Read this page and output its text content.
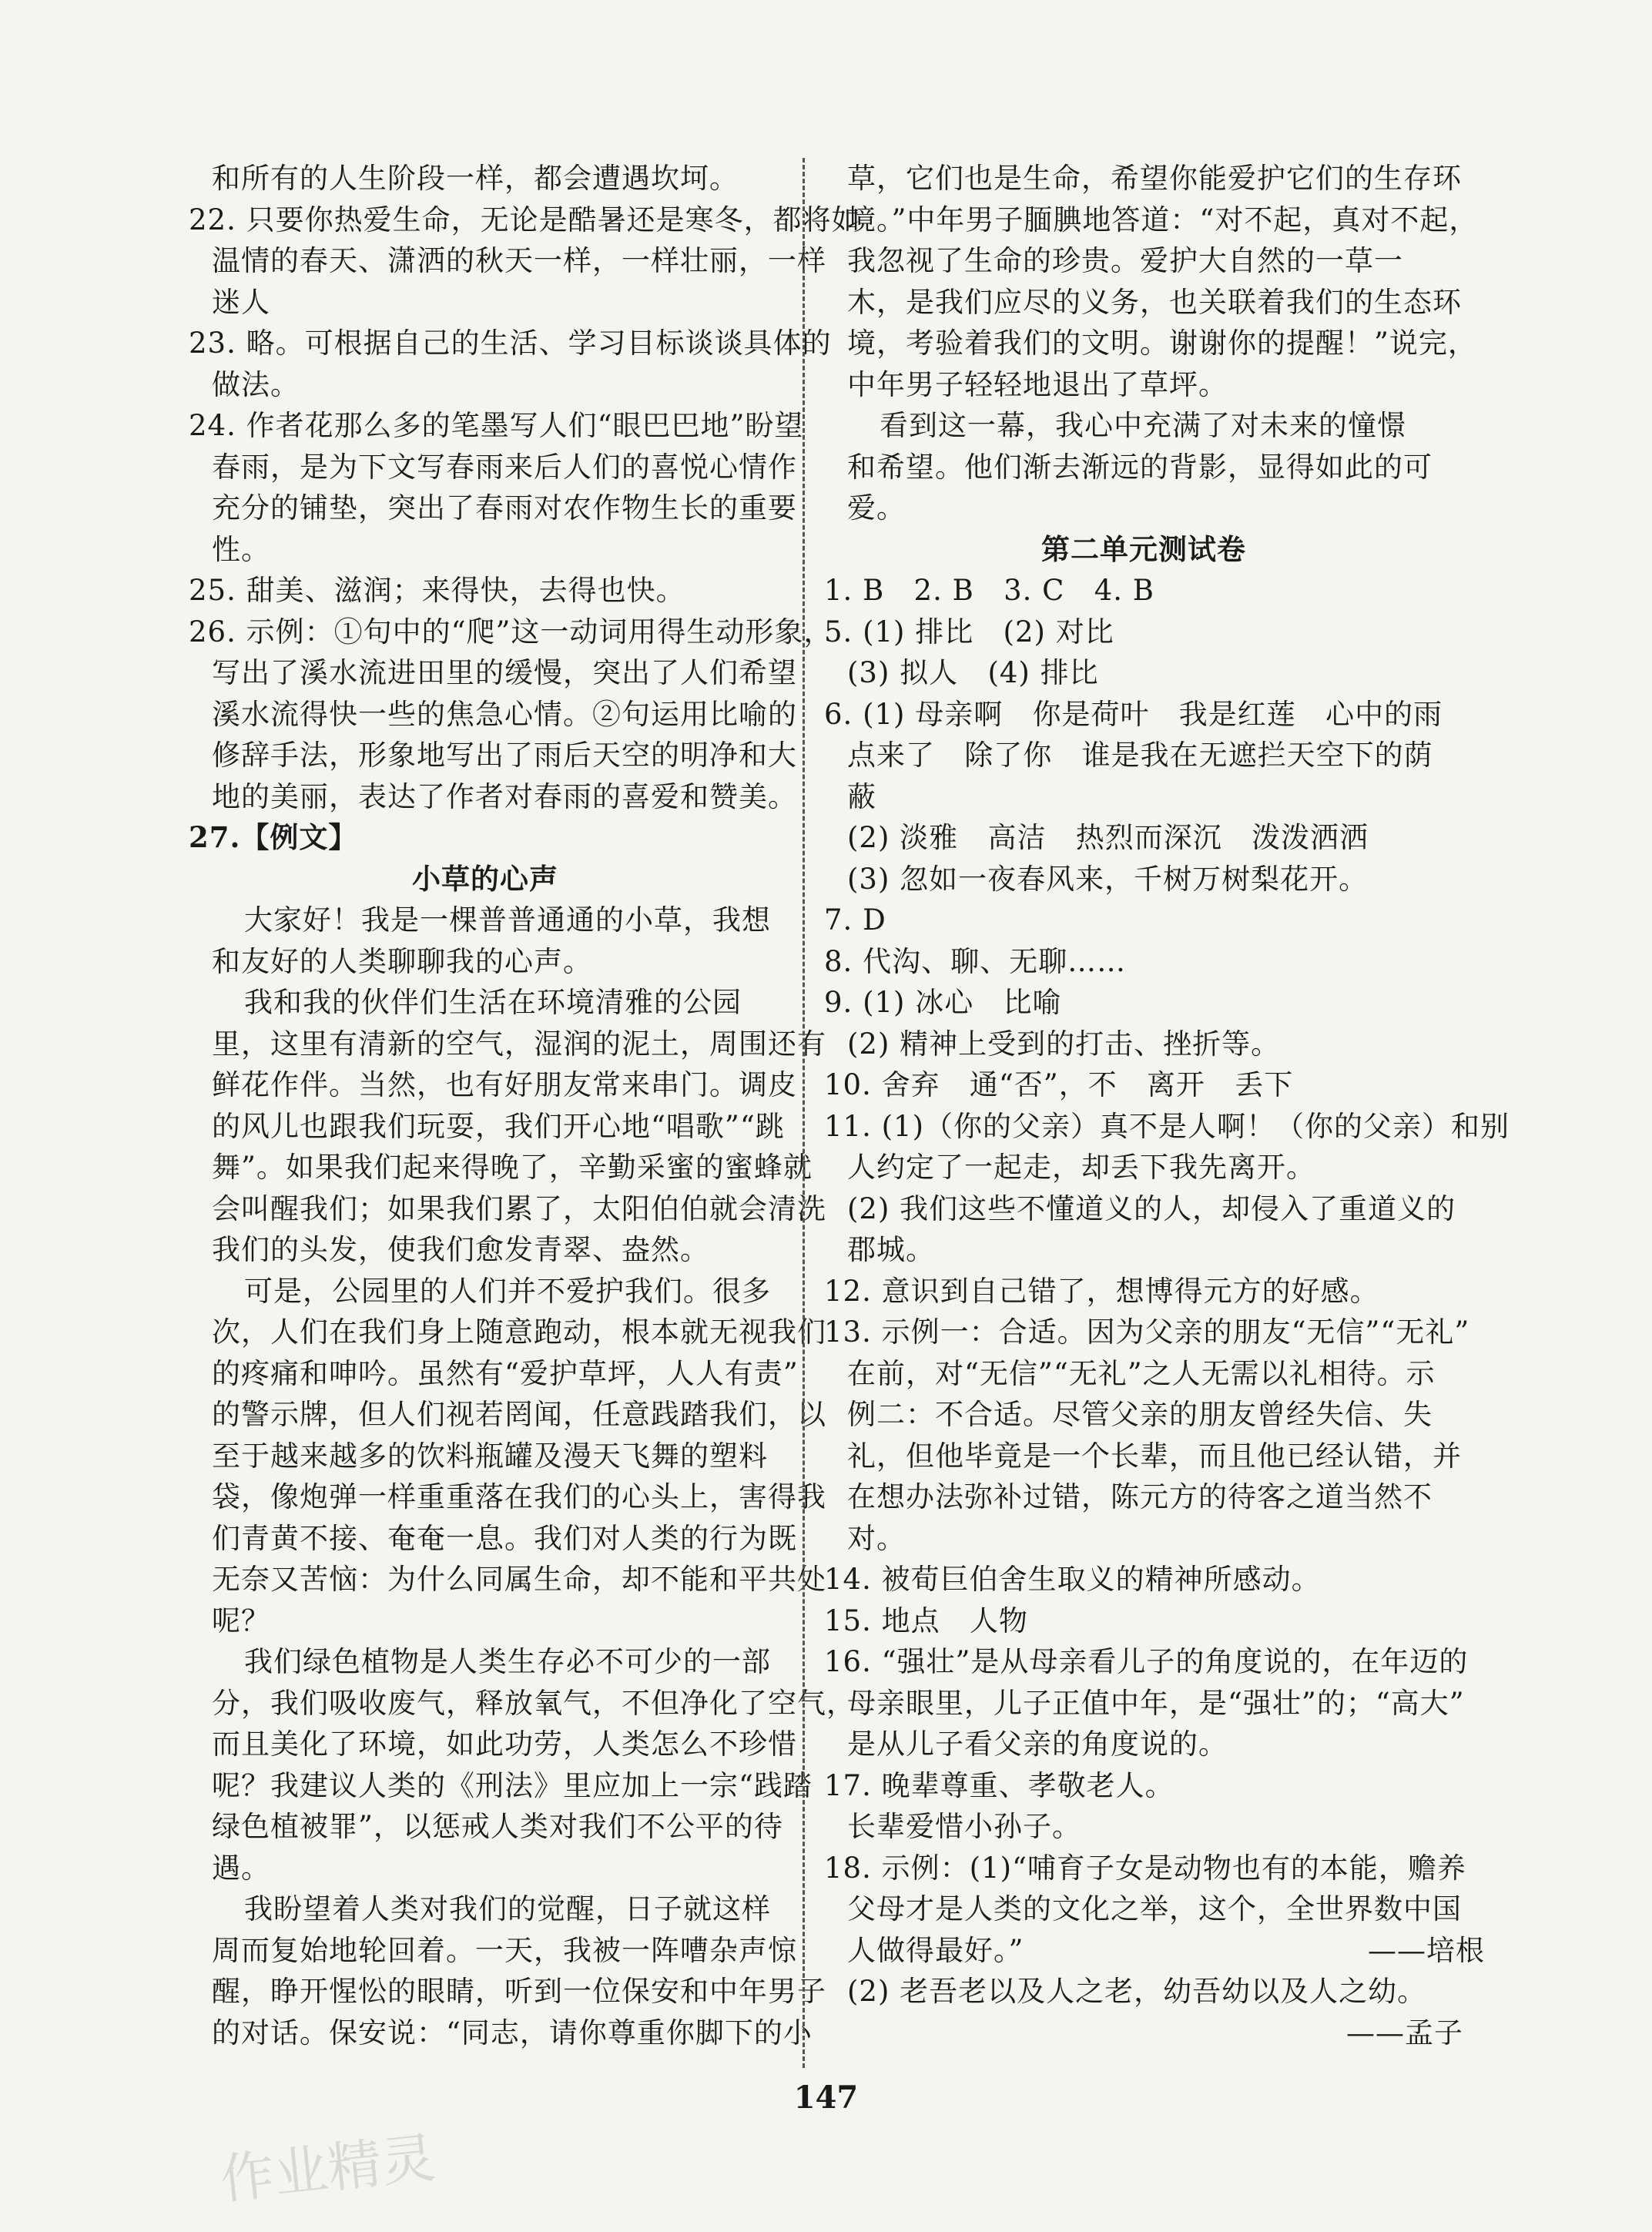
和所有的人生阶段一样，都会遭遇坎坷。
22. 只要你热爱生命，无论是酷暑还是寒冬，都将如
温情的春天、潇洒的秋天一样，一样壮丽，一样
迷人
23. 略。可根据自己的生活、学习目标谈谈具体的
做法。
24. 作者花那么多的笔墨写人们“眼巴巴地”盼望
春雨，是为下文写春雨来后人们的喜悦心情作
充分的铺垫，突出了春雨对农作物生长的重要
性。
25. 甜美、滋润；来得快，去得也快。
26. 示例：①句中的“爬”这一动词用得生动形象，
写出了溪水流进田里的缓慢，突出了人们希望
溪水流得快一些的焦急心情。②句运用比喻的
修辞手法，形象地写出了雨后天空的明净和大
地的美丽，表达了作者对春雨的喜爱和赞美。
27.【例文】
小草的心声
大家好！我是一棵普普通通的小草，我想
和友好的人类聊聊我的心声。
我和我的伙伴们生活在环境清雅的公园
里，这里有清新的空气，湿润的泥土，周围还有
鲜花作伴。当然，也有好朋友常来串门。调皮
的风儿也跟我们玩耍，我们开心地“唱歌”“跳
舞”。如果我们起来得晚了，辛勤采蜜的蜜蜂就
会叫醒我们；如果我们累了，太阳伯伯就会清洗
我们的头发，使我们愈发青翠、盎然。
可是，公园里的人们并不爱护我们。很多
次，人们在我们身上随意跑动，根本就无视我们
的疼痛和呻吟。虽然有“爱护草坪，人人有责”
的警示牌，但人们视若罔闻，任意践踏我们，以
至于越来越多的饮料瓶罐及漫天飞舞的塑料
袋，像炮弹一样重重落在我们的心头上，害得我
们青黄不接、奄奄一息。我们对人类的行为既
无奈又苦恼：为什么同属生命，却不能和平共处
呢？
我们绿色植物是人类生存必不可少的一部
分，我们吸收废气，释放氧气，不但净化了空气，
而且美化了环境，如此功劳，人类怎么不珍惜
呢？我建议人类的《刑法》里应加上一宗“践踏
绿色植被罪”，以惩戒人类对我们不公平的待
遇。
我盼望着人类对我们的觉醒，日子就这样
周而复始地轮回着。一天，我被一阵嘈杂声惊
醒，睁开惺忪的眼睛，听到一位保安和中年男子
的对话。保安说：“同志，请你尊重你脚下的小
草，它们也是生命，希望你能爱护它们的生存环
境。”中年男子腼腆地答道：“对不起，真对不起，
我忽视了生命的珍贵。爱护大自然的一草一
木，是我们应尽的义务，也关联着我们的生态环
境，考验着我们的文明。谢谢你的提醒！”说完，
中年男子轻轻地退出了草坪。
看到这一幕，我心中充满了对未来的憧憬
和希望。他们渐去渐远的背影，显得如此的可
爱。
第二单元测试卷
1. B   2. B   3. C   4. B
5. (1) 排比   (2) 对比
(3) 拟人   (4) 排比
6. (1) 母亲啊   你是荷叶   我是红莲   心中的雨
点来了   除了你   谁是我在无遮拦天空下的荫
蔽
(2) 淡雅   高洁   热烈而深沉   泼泼洒洒
(3) 忽如一夜春风来，千树万树梨花开。
7. D
8. 代沟、聊、无聊……
9. (1) 冰心   比喻
(2) 精神上受到的打击、挫折等。
10. 舍弃   通“否”，不   离开   丢下
11. (1)（你的父亲）真不是人啊！（你的父亲）和别
人约定了一起走，却丢下我先离开。
(2) 我们这些不懂道义的人，却侵入了重道义的
郡城。
12. 意识到自己错了，想博得元方的好感。
13. 示例一：合适。因为父亲的朋友“无信”“无礼”
在前，对“无信”“无礼”之人无需以礼相待。示
例二：不合适。尽管父亲的朋友曾经失信、失
礼，但他毕竟是一个长辈，而且他已经认错，并
在想办法弥补过错，陈元方的待客之道当然不
对。
14. 被荀巨伯舍生取义的精神所感动。
15. 地点   人物
16. “强壮”是从母亲看儿子的角度说的，在年迈的
母亲眼里，儿子正值中年，是“强壮”的；“高大”
是从儿子看父亲的角度说的。
17. 晚辈尊重、孝敬老人。
长辈爱惜小孙子。
18. 示例：(1)“哺育子女是动物也有的本能，赡养
父母才是人类的文化之举，这个，全世界数中国
人做得最好。”                                   ——培根
(2) 老吾老以及人之老，幼吾幼以及人之幼。
——孟子
147
作业精灵
